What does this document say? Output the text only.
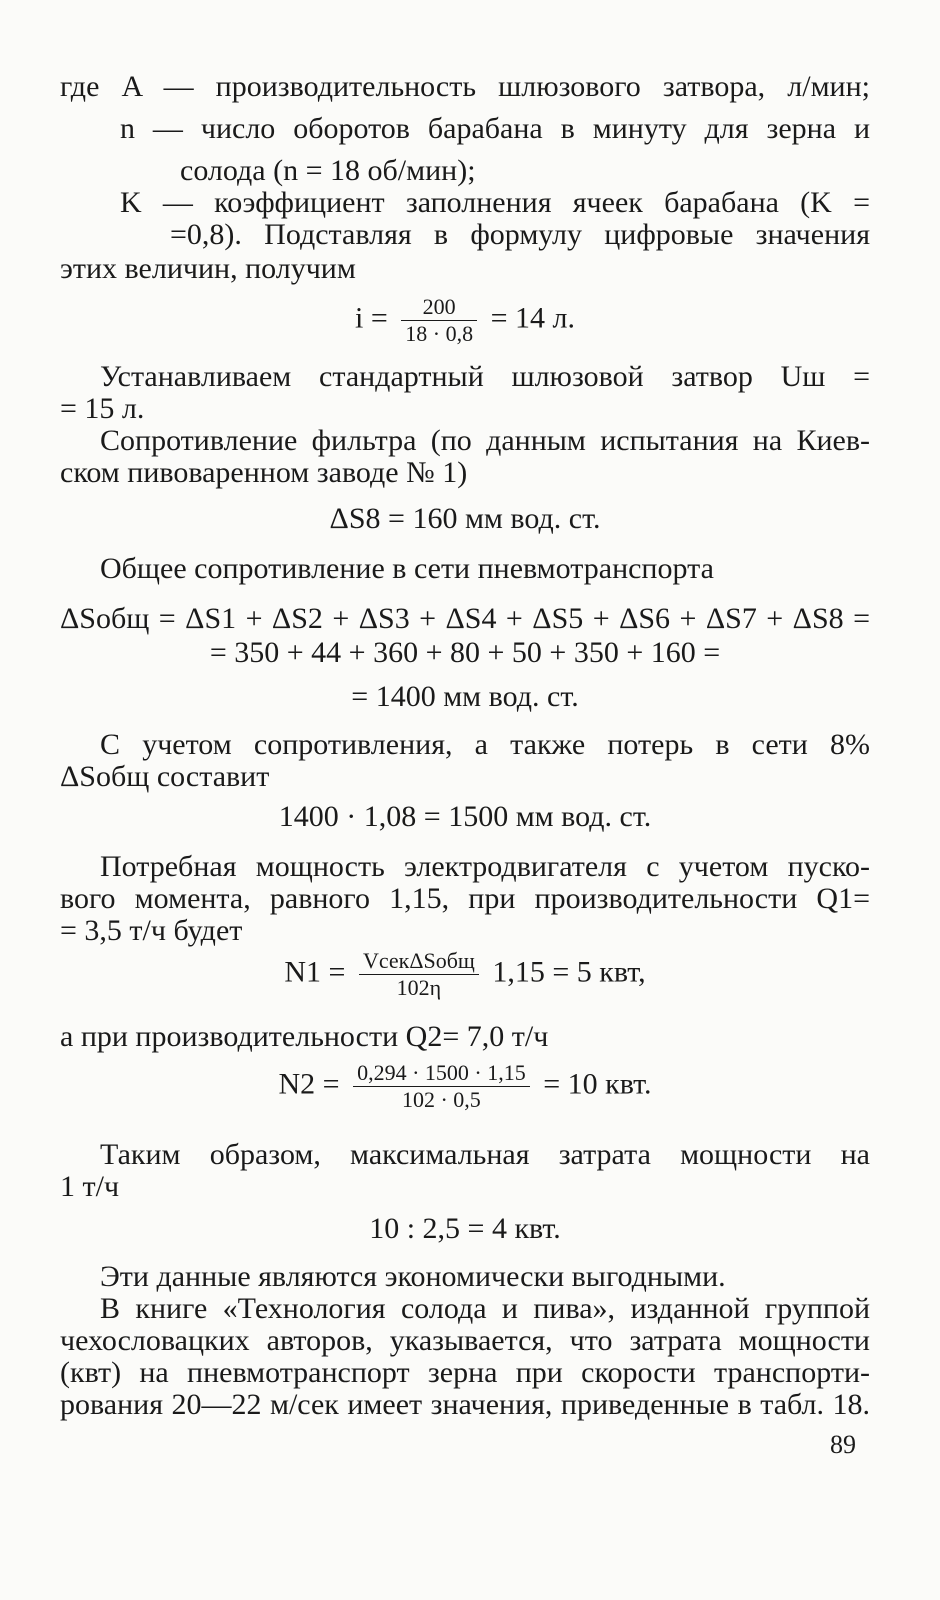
где A — производительность шлюзового затвора, л/мин;
n — число оборотов барабана в минуту для зерна и
солода (n = 18 об/мин);
K — коэффициент заполнения ячеек барабана (K =
=0,8). Подставляя в формулу цифровые значения
этих величин, получим
$i = \frac{200}{18 \cdot 0,8} = 14$ л.
Устанавливаем стандартный шлюзовой затвор Uш =
= 15 л.
Сопротивление фильтра (по данным испытания на Киев-
ском пивоваренном заводе № 1)
ΔS8 = 160 мм вод. ст.
Общее сопротивление в сети пневмотранспорта
ΔSобщ = ΔS1 + ΔS2 + ΔS3 + ΔS4 + ΔS5 + ΔS6 + ΔS7 + ΔS8 =
= 350 + 44 + 360 + 80 + 50 + 350 + 160 =
= 1400 мм вод. ст.
С учетом сопротивления, а также потерь в сети 8%
ΔSобщ составит
1400 · 1,08 = 1500 мм вод. ст.
Потребная мощность электродвигателя с учетом пуско-
вого момента, равного 1,15, при производительности Q1=
= 3,5 т/ч будет
$N1 = \frac{\text{VсекΔSобщ}}{102\eta} 1,15 = 5$ квт,
а при производительности Q2= 7,0 т/ч
$N2 = \frac{0,294 \cdot 1500 \cdot 1,15}{102 \cdot 0,5} = 10$ квт.
Таким образом, максимальная затрата мощности на
1 т/ч
10 : 2,5 = 4 квт.
Эти данные являются экономически выгодными.
В книге «Технология солода и пива», изданной группой
чехословацких авторов, указывается, что затрата мощности
(квт) на пневмотранспорт зерна при скорости транспорти-
рования 20—22 м/сек имеет значения, приведенные в табл. 18.
89
